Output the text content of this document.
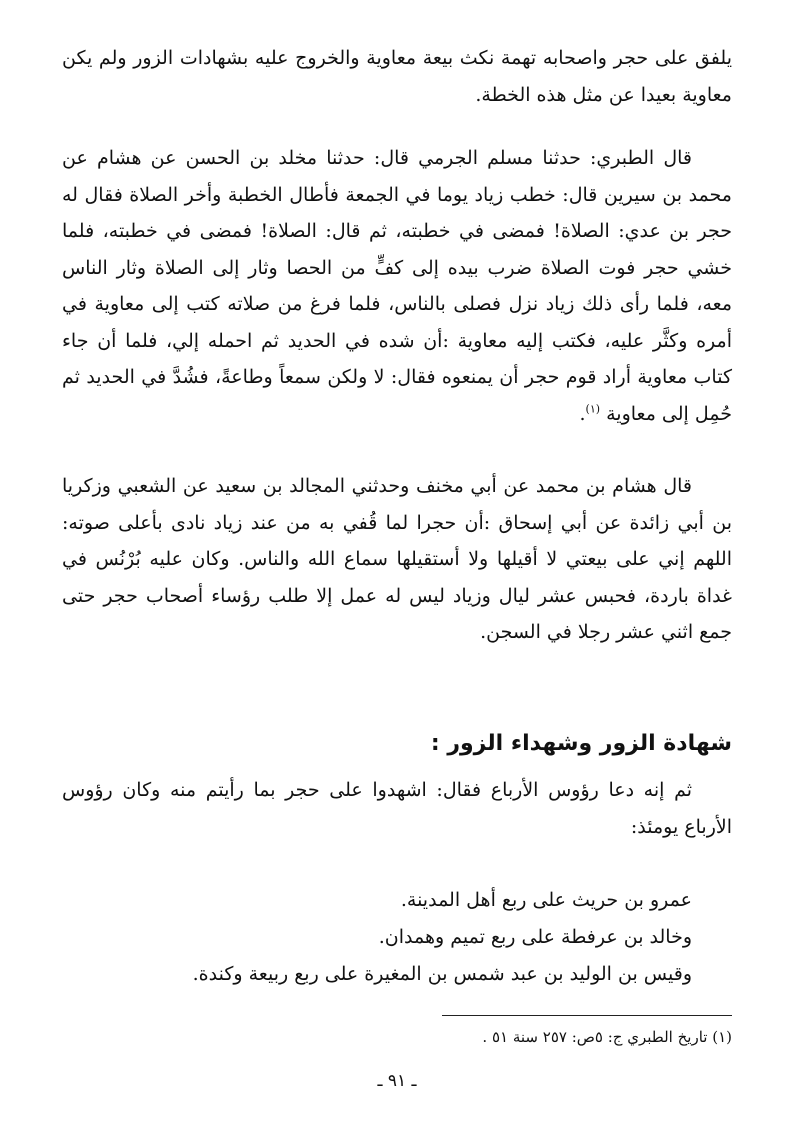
يلفق على حجر واصحابه تهمة نكث بيعة معاوية والخروج عليه بشهادات الزور ولم يكن معاوية بعيدا عن مثل هذه الخطة.

قال الطبري: حدثنا مسلم الجرمي قال: حدثنا مخلد بن الحسن عن هشام عن محمد بن سيرين قال: خطب زياد يوما في الجمعة فأطال الخطبة وأخر الصلاة فقال له حجر بن عدي: الصلاة! فمضى في خطبته، ثم قال: الصلاة! فمضى في خطبته، فلما خشي حجر فوت الصلاة ضرب بيده إلى كفٍّ من الحصا وثار إلى الصلاة وثار الناس معه، فلما رأى ذلك زياد نزل فصلى بالناس، فلما فرغ من صلاته كتب إلى معاوية في أمره وكثَّر عليه، فكتب إليه معاوية :أن شده في الحديد ثم احمله إلي، فلما أن جاء كتاب معاوية أراد قوم حجر أن يمنعوه فقال: لا ولكن سمعاً وطاعةً، فشُدَّ في الحديد ثم حُمِل إلى معاوية $^{(١)}$.

قال هشام بن محمد عن أبي مخنف وحدثني المجالد بن سعيد عن الشعبي وزكريا بن أبي زائدة عن أبي إسحاق :أن حجرا لما قُفي به من عند زياد نادى بأعلى صوته: اللهم إني على بيعتي لا أقيلها ولا أستقيلها سماع الله والناس. وكان عليه بُرْنُس في غداة باردة، فحبس عشر ليال وزياد ليس له عمل إلا طلب رؤساء أصحاب حجر حتى جمع اثني عشر رجلا في السجن.

شهادة الزور وشهداء الزور :

ثم إنه دعا رؤوس الأرباع فقال: اشهدوا على حجر بما رأيتم منه وكان رؤوس الأرباع يومئذ:

عمرو بن حريث على ربع أهل المدينة.
وخالد بن عرفطة على ربع تميم وهمدان.
وقيس بن الوليد بن عبد شمس بن المغيرة على ربع ربيعة وكندة.
(١) تاريخ الطبري ج: ٥ص: ٢٥٧ سنة ٥١ .
ـ ٩١ ـ
